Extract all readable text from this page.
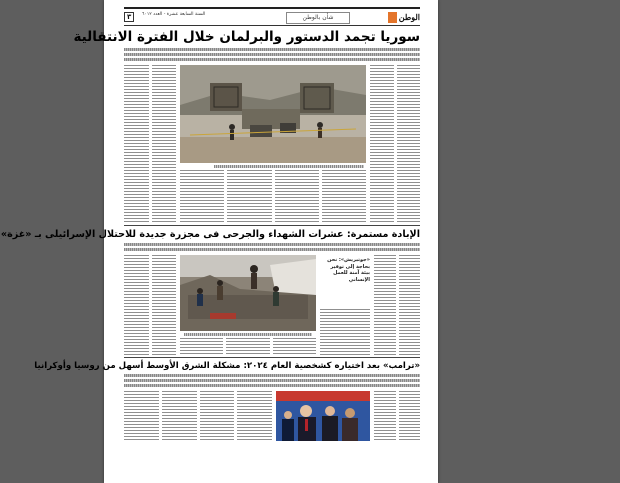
الوطن
شأن بالوطن
السنة السابعة عشرة - العدد ٦٠١٢
٣
سوريا تجمد الدستور والبرلمان خلال الفترة الانتقالية
الإبادة مستمرة: عشرات الشهداء والجرحى فى مجزرة جديدة للاحتلال الإسرائيلى بـ «غزة»
«جوتيريش»: نحن بحاجة إلى توفير بيئة آمنة للعمل الإنساني
«ترامب» بعد اختياره كشخصية العام ٢٠٢٤: مشكلة الشرق الأوسط أسهل من روسيا وأوكرانيا
